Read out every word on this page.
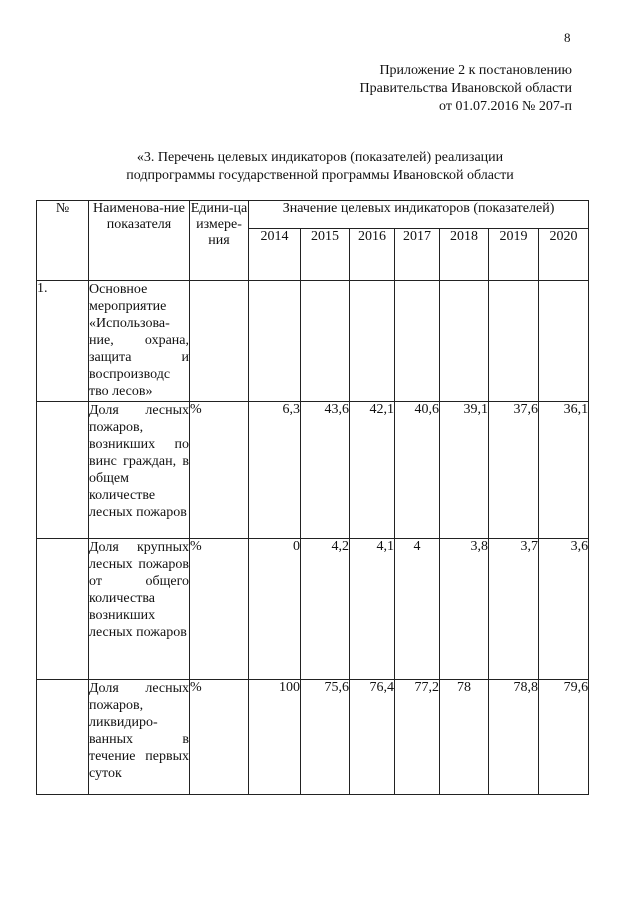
8
Приложение 2 к постановлению
Правительства Ивановской области
от 01.07.2016 № 207-п
«3. Перечень целевых индикаторов (показателей) реализации
подпрограммы государственной программы Ивановской области
№	Наименова-ние показателя	Едини-ца измере-ния	Значение целевых индикаторов (показателей)						
			2014	2015	2016	2017	2018	2019	2020
1.	Основное мероприятие «Использова-ние, охрана, защита и воспроизводс тво лесов»								
	Доля лесных пожаров, возникших по винс граждан, в общем количестве лесных пожаров	%	6,3	43,6	42,1	40,6	39,1	37,6	36,1
	Доля крупных лесных пожаров от общего количества возникших лесных пожаров	%	0	4,2	4,1	4	3,8	3,7	3,6
	Доля лесных пожаров, ликвидиро-ванных в течение первых суток	%	100	75,6	76,4	77,2	78	78,8	79,6
